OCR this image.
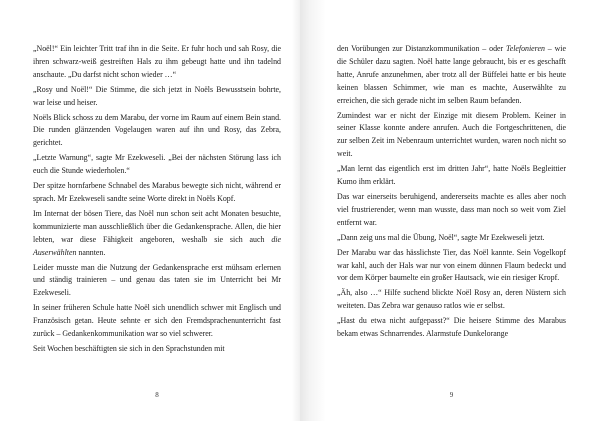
„Noël!“ Ein leichter Tritt traf ihn in die Seite. Er fuhr hoch und sah Rosy, die ihren schwarz-weiß gestreiften Hals zu ihm gebeugt hatte und ihn tadelnd anschaute. „Du darfst nicht schon wieder …“

„Rosy und Noël!“ Die Stimme, die sich jetzt in Noëls Bewusstsein bohrte, war leise und heiser.

Noëls Blick schoss zu dem Marabu, der vorne im Raum auf einem Bein stand. Die runden glänzenden Vogelaugen waren auf ihn und Rosy, das Zebra, gerichtet.

„Letzte Warnung“, sagte Mr Ezekweseli. „Bei der nächsten Störung lass ich euch die Stunde wiederholen.“

Der spitze hornfarbene Schnabel des Marabus bewegte sich nicht, während er sprach. Mr Ezekweseli sandte seine Worte direkt in Noëls Kopf.

Im Internat der bösen Tiere, das Noël nun schon seit acht Monaten besuchte, kommunizierte man ausschließlich über die Gedankensprache. Allen, die hier lebten, war diese Fähigkeit angeboren, weshalb sie sich auch die Auserwählten nannten.

Leider musste man die Nutzung der Gedankensprache erst mühsam erlernen und ständig trainieren – und genau das taten sie im Unterricht bei Mr Ezekweseli.

In seiner früheren Schule hatte Noël sich unendlich schwer mit Englisch und Französisch getan. Heute sehnte er sich den Fremdsprachenunterricht fast zurück – Gedankenkommunikation war so viel schwerer.

Seit Wochen beschäftigten sie sich in den Sprachstunden mit

8

den Vorübungen zur Distanzkommunikation – oder Telefonieren – wie die Schüler dazu sagten. Noël hatte lange gebraucht, bis er es geschafft hatte, Anrufe anzunehmen, aber trotz all der Büffelei hatte er bis heute keinen blassen Schimmer, wie man es machte, Auserwählte zu erreichen, die sich gerade nicht im selben Raum befanden.

Zumindest war er nicht der Einzige mit diesem Problem. Keiner in seiner Klasse konnte andere anrufen. Auch die Fortgeschrittenen, die zur selben Zeit im Nebenraum unterrichtet wurden, waren noch nicht so weit.

„Man lernt das eigentlich erst im dritten Jahr“, hatte Noëls Begleittier Kumo ihm erklärt.

Das war einerseits beruhigend, andererseits machte es alles aber noch viel frustrierender, wenn man wusste, dass man noch so weit vom Ziel entfernt war.

„Dann zeig uns mal die Übung, Noël“, sagte Mr Ezekweseli jetzt.

Der Marabu war das hässlichste Tier, das Noël kannte. Sein Vogelkopf war kahl, auch der Hals war nur von einem dünnen Flaum bedeckt und vor dem Körper baumelte ein großer Hautsack, wie ein riesiger Kropf.

„Äh, also …“ Hilfe suchend blickte Noël Rosy an, deren Nüstern sich weiteten. Das Zebra war genauso ratlos wie er selbst.

„Hast du etwa nicht aufgepasst?“ Die heisere Stimme des Marabus bekam etwas Schnarrendes. Alarmstufe Dunkelorange

9
